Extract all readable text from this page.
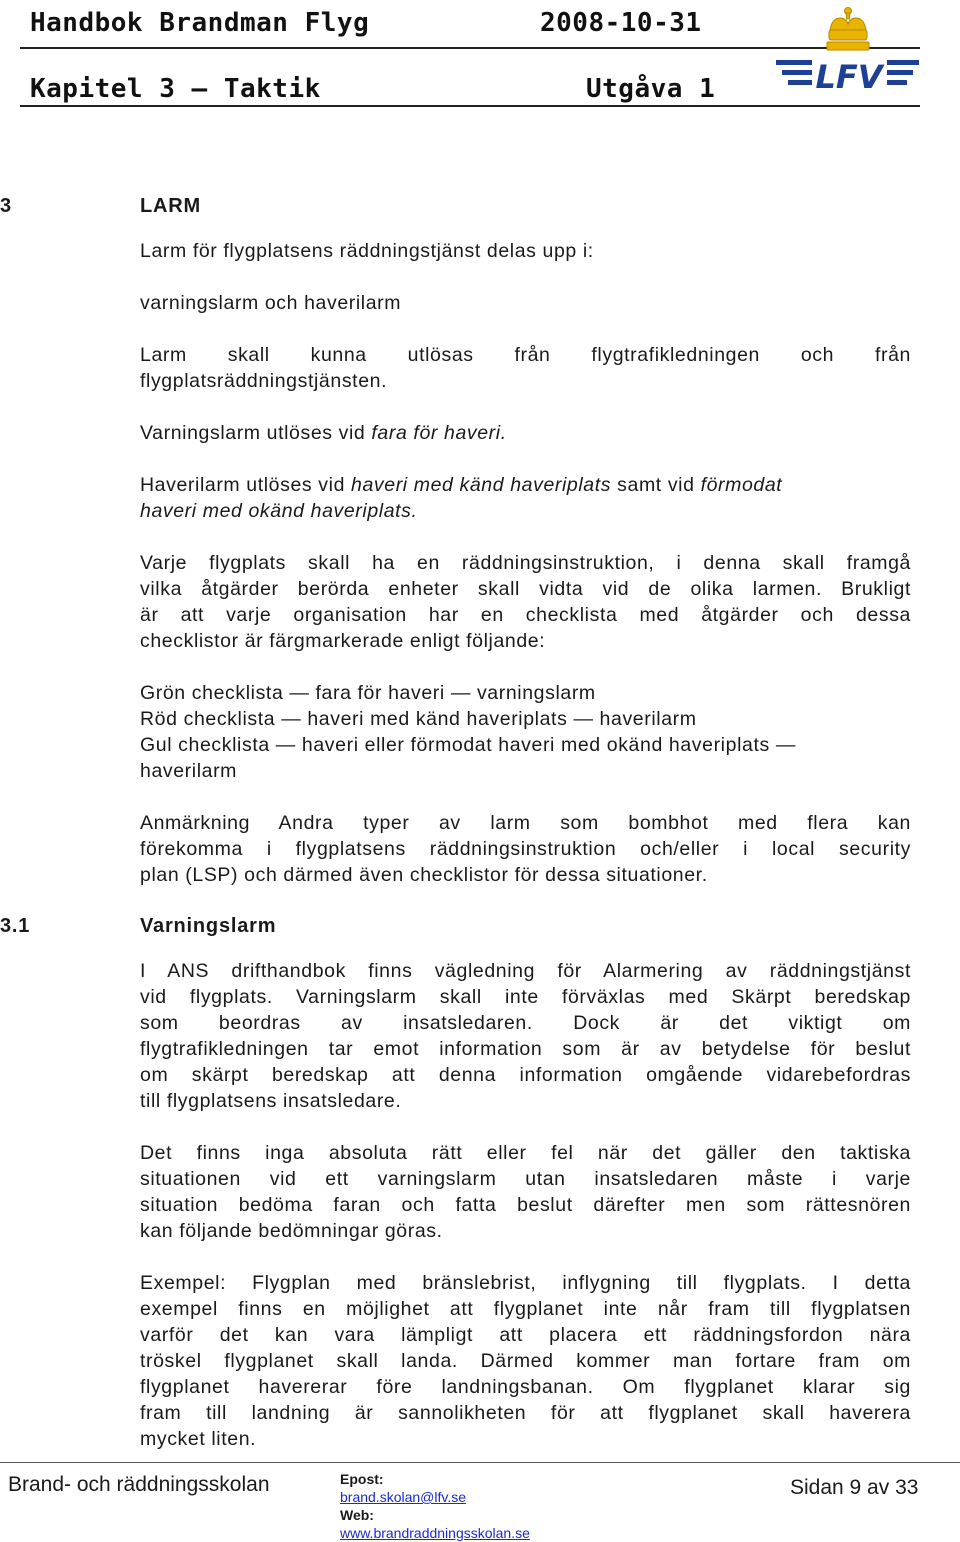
Handbok Brandman Flyg	2008-10-31
Kapitel 3 — Taktik	Utgåva 1	LFV
3	LARM
Larm för flygplatsens räddningstjänst delas upp i:
varningslarm och haverilarm
Larm skall kunna utlösas från flygtrafikledningen och från
flygplatsräddningstjänsten.
Varningslarm utlöses vid fara för haveri.
Haverilarm utlöses vid haveri med känd haveriplats samt vid förmodat
haveri med okänd haveriplats.
Varje flygplats skall ha en räddningsinstruktion, i denna skall framgå
vilka åtgärder berörda enheter skall vidta vid de olika larmen. Brukligt
är att varje organisation har en checklista med åtgärder och dessa
checklistor är färgmarkerade enligt följande:
Grön checklista — fara för haveri — varningslarm
Röd checklista — haveri med känd haveriplats — haverilarm
Gul checklista — haveri eller förmodat haveri med okänd haveriplats —
haverilarm
Anmärkning Andra typer av larm som bombhot med flera kan
förekomma i flygplatsens räddningsinstruktion och/eller i local security
plan (LSP) och därmed även checklistor för dessa situationer.
3.1	Varningslarm
I ANS drifthandbok finns vägledning för Alarmering av räddningstjänst
vid flygplats. Varningslarm skall inte förväxlas med Skärpt beredskap
som beordras av insatsledaren. Dock är det viktigt om
flygtrafikledningen tar emot information som är av betydelse för beslut
om skärpt beredskap att denna information omgående vidarebefordras
till flygplatsens insatsledare.
Det finns inga absoluta rätt eller fel när det gäller den taktiska
situationen vid ett varningslarm utan insatsledaren måste i varje
situation bedöma faran och fatta beslut därefter men som rättesnören
kan följande bedömningar göras.
Exempel: Flygplan med bränslebrist, inflygning till flygplats. I detta
exempel finns en möjlighet att flygplanet inte når fram till flygplatsen
varför det kan vara lämpligt att placera ett räddningsfordon nära
tröskel flygplanet skall landa. Därmed kommer man fortare fram om
flygplanet havererar före landningsbanan. Om flygplanet klarar sig
fram till landning är sannolikheten för att flygplanet skall haverera
mycket liten.
Brand- och räddningsskolan	Epost:
brand.skolan@lfv.se
Web:
www.brandraddningsskolan.se
Sidan 9 av 33
